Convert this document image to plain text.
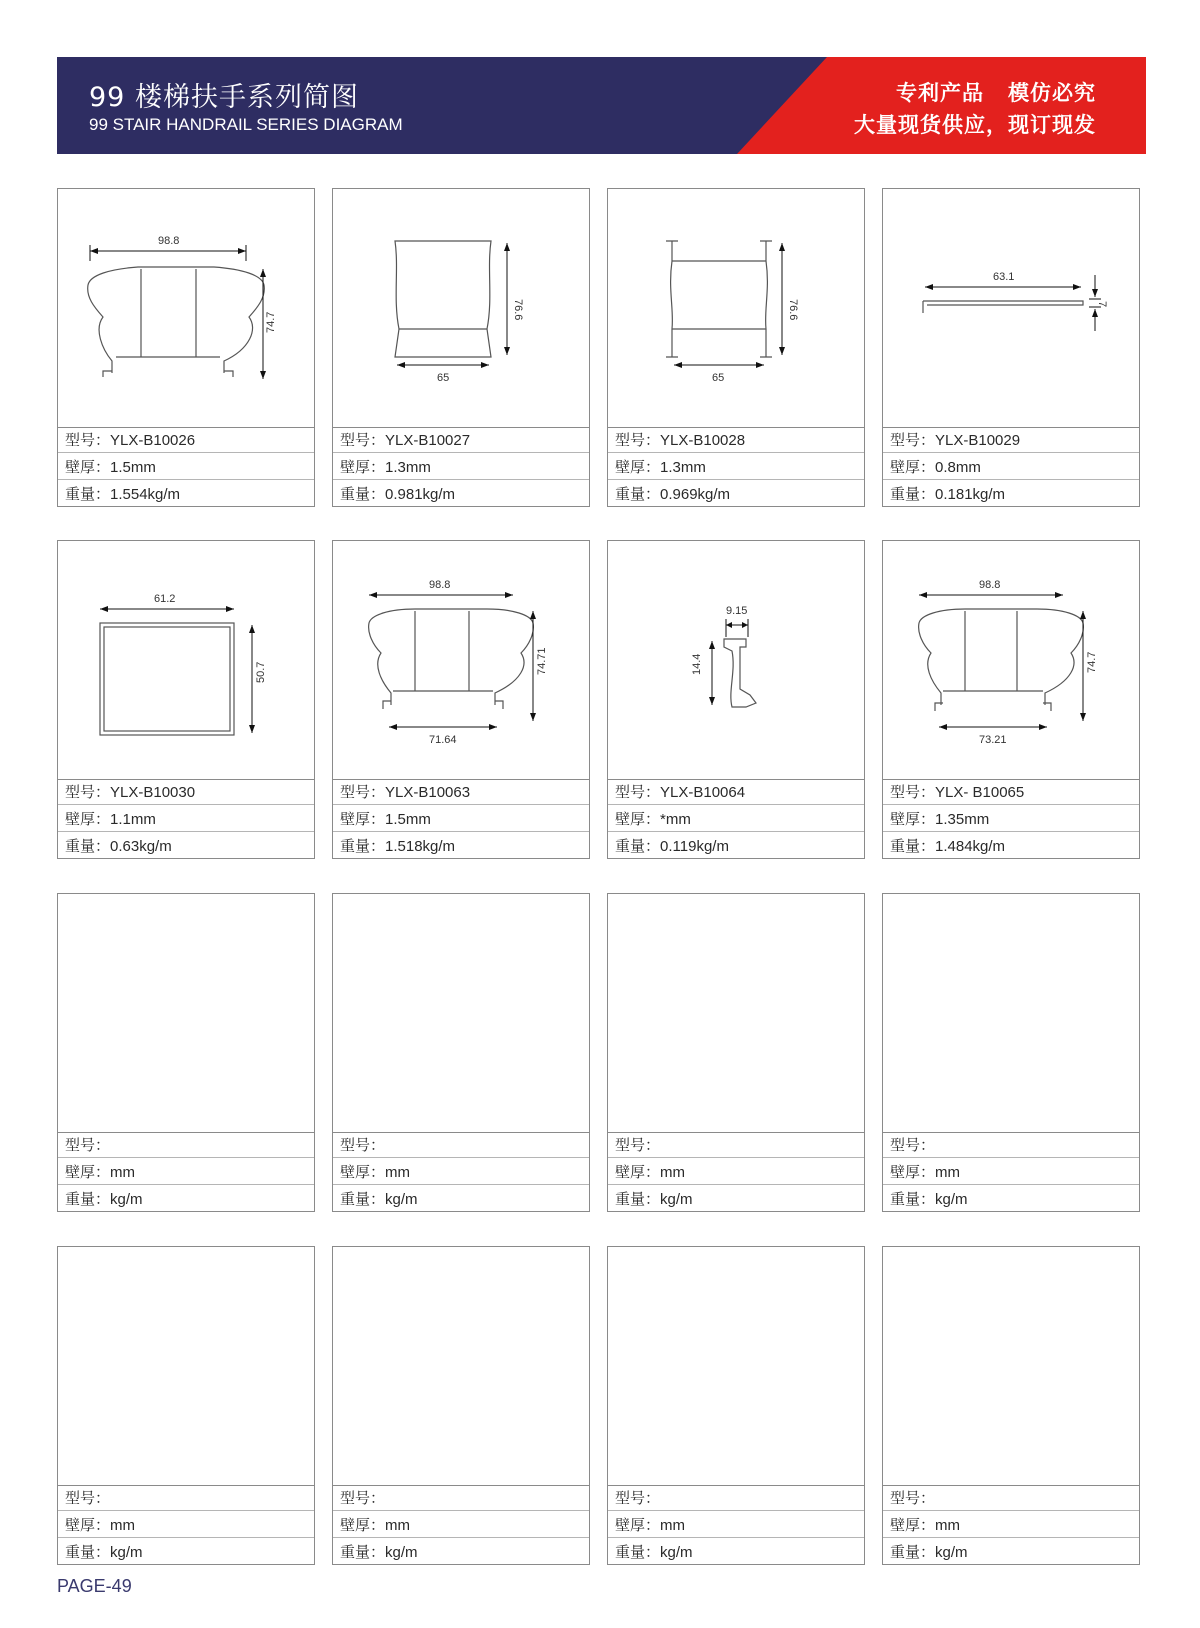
99 楼梯扶手系列简图
99 STAIR HANDRAIL SERIES DIAGRAM
专利产品 模仿必究
大量现货供应，现订现发
98.8
74.7
型号：YLX-B10026
壁厚：1.5mm
重量：1.554kg/m
76.6
65
型号：YLX-B10027
壁厚：1.3mm
重量：0.981kg/m
76.6
65
型号：YLX-B10028
壁厚：1.3mm
重量：0.969kg/m
63.1
7
型号：YLX-B10029
壁厚：0.8mm
重量：0.181kg/m
61.2
50.7
型号：YLX-B10030
壁厚：1.1mm
重量：0.63kg/m
98.8
74.71
71.64
型号：YLX-B10063
壁厚：1.5mm
重量：1.518kg/m
9.15
14.4
型号：YLX-B10064
壁厚：*mm
重量：0.119kg/m
98.8
74.7
73.21
型号：YLX- B10065
壁厚：1.35mm
重量：1.484kg/m
型号：
壁厚：mm
重量：kg/m
型号：
壁厚：mm
重量：kg/m
型号：
壁厚：mm
重量：kg/m
型号：
壁厚：mm
重量：kg/m
型号：
壁厚：mm
重量：kg/m
型号：
壁厚：mm
重量：kg/m
型号：
壁厚：mm
重量：kg/m
型号：
壁厚：mm
重量：kg/m
PAGE-49
